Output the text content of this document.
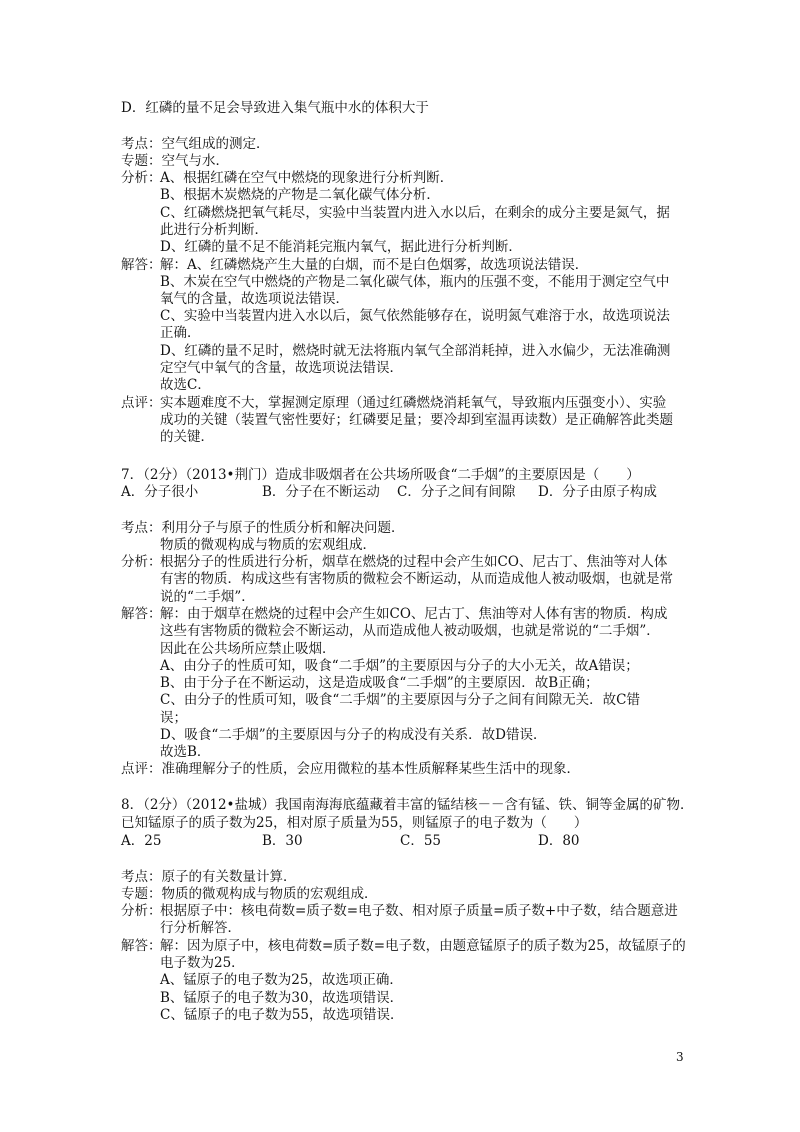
D．红磷的量不足会导致进入集气瓶中水的体积大于
考点：空气组成的测定．
专题：空气与水．
分析：
A、根据红磷在空气中燃烧的现象进行分析判断．
B、根据木炭燃烧的产物是二氧化碳气体分析．
C、红磷燃烧把氧气耗尽，实验中当装置内进入水以后，在剩余的成分主要是氮气，据
此进行分析判断．
D、红磷的量不足不能消耗完瓶内氧气，据此进行分析判断．
解答：
解：A、红磷燃烧产生大量的白烟，而不是白色烟雾，故选项说法错误．
B、木炭在空气中燃烧的产物是二氧化碳气体，瓶内的压强不变，不能用于测定空气中
氧气的含量，故选项说法错误．
C、实验中当装置内进入水以后，氮气依然能够存在，说明氮气难溶于水，故选项说法
正确．
D、红磷的量不足时，燃烧时就无法将瓶内氧气全部消耗掉，进入水偏少，无法准确测
定空气中氧气的含量，故选项说法错误．
故选C．
点评：
实本题难度不大，掌握测定原理（通过红磷燃烧消耗氧气，导致瓶内压强变小）、实验
成功的关键（装置气密性要好；红磷要足量；要冷却到室温再读数）是正确解答此类题
的关键．
7．（2分）（2013•荆门）造成非吸烟者在公共场所吸食“二手烟”的主要原因是（　　）
A．分子很小	B．分子在不断运动 C．分子之间有间隙 D．分子由原子构成
考点：利用分子与原子的性质分析和解决问题．
物质的微观构成与物质的宏观组成．
分析：
根据分子的性质进行分析，烟草在燃烧的过程中会产生如CO、尼古丁、焦油等对人体
有害的物质．构成这些有害物质的微粒会不断运动，从而造成他人被动吸烟，也就是常
说的“二手烟”．
解答：
解：由于烟草在燃烧的过程中会产生如CO、尼古丁、焦油等对人体有害的物质．构成
这些有害物质的微粒会不断运动，从而造成他人被动吸烟，也就是常说的“二手烟”．
因此在公共场所应禁止吸烟．
A、由分子的性质可知，吸食“二手烟”的主要原因与分子的大小无关，故A错误；
B、由于分子在不断运动，这是造成吸食“二手烟”的主要原因．故B正确；
C、由分子的性质可知，吸食“二手烟”的主要原因与分子之间有间隙无关．故C错
误；
D、吸食“二手烟”的主要原因与分子的构成没有关系．故D错误．
故选B．
点评：准确理解分子的性质，会应用微粒的基本性质解释某些生活中的现象．
8．（2分）（2012•盐城）我国南海海底蕴藏着丰富的锰结核－－含有锰、铁、铜等金属的矿物．
已知锰原子的质子数为25，相对原子质量为55，则锰原子的电子数为（　　）
A．25	B．30	C．55	D．80
考点：原子的有关数量计算．
专题：物质的微观构成与物质的宏观组成．
分析：
根据原子中：核电荷数=质子数=电子数、相对原子质量=质子数+中子数，结合题意进
行分析解答．
解答：
解：因为原子中，核电荷数=质子数=电子数，由题意锰原子的质子数为25，故锰原子的
电子数为25．
A、锰原子的电子数为25，故选项正确．
B、锰原子的电子数为30，故选项错误．
C、锰原子的电子数为55，故选项错误．
3
